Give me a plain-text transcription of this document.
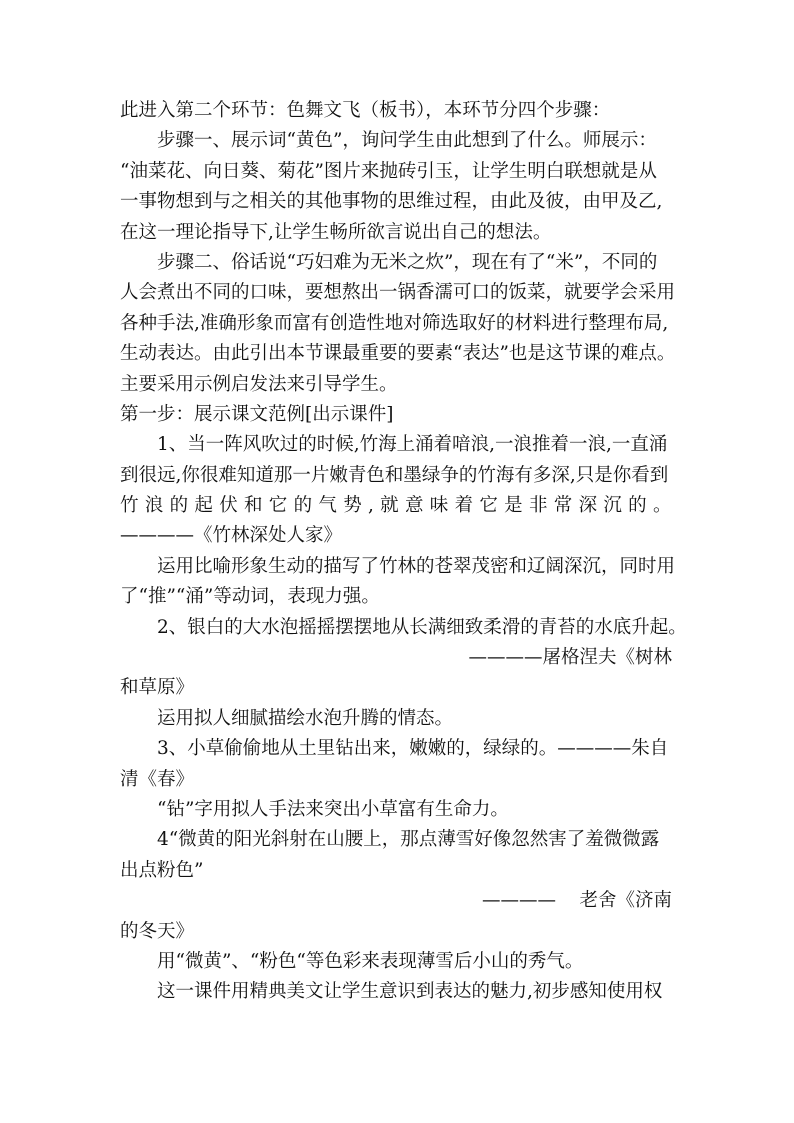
此进入第二个环节：色舞文飞（板书），本环节分四个步骤：
步骤一、展示词“黄色”，询问学生由此想到了什么。师展示：
“油菜花、向日葵、菊花”图片来抛砖引玉，让学生明白联想就是从
一事物想到与之相关的其他事物的思维过程，由此及彼，由甲及乙,
在这一理论指导下,让学生畅所欲言说出自己的想法。
步骤二、俗话说“巧妇难为无米之炊”，现在有了“米”，不同的
人会煮出不同的口味，要想熬出一锅香濡可口的饭菜，就要学会采用
各种手法,准确形象而富有创造性地对筛选取好的材料进行整理布局,
生动表达。由此引出本节课最重要的要素“表达”也是这节课的难点。
主要采用示例启发法来引导学生。
第一步：展示课文范例[出示课件]
1、当一阵风吹过的时候,竹海上涌着喑浪,一浪推着一浪,一直涌
到很远,你很难知道那一片嫩青色和墨绿争的竹海有多深,只是你看到
竹浪的起伏和它的气势,就意味着它是非常深沉的。
————《竹林深处人家》
运用比喻形象生动的描写了竹林的苍翠茂密和辽阔深沉，同时用
了“推”“涌”等动词，表现力强。
2、银白的大水泡摇摇摆摆地从长满细致柔滑的青苔的水底升起。
————屠格涅夫《树林
和草原》
运用拟人细腻描绘水泡升腾的情态。
3、小草偷偷地从土里钻出来，嫩嫩的，绿绿的。————朱自
清《春》
“钻”字用拟人手法来突出小草富有生命力。
4“微黄的阳光斜射在山腰上，那点薄雪好像忽然害了羞微微露
出点粉色”
————    老舍《济南
的冬天》
用“微黄”、“粉色“等色彩来表现薄雪后小山的秀气。
这一课件用精典美文让学生意识到表达的魅力,初步感知使用权
